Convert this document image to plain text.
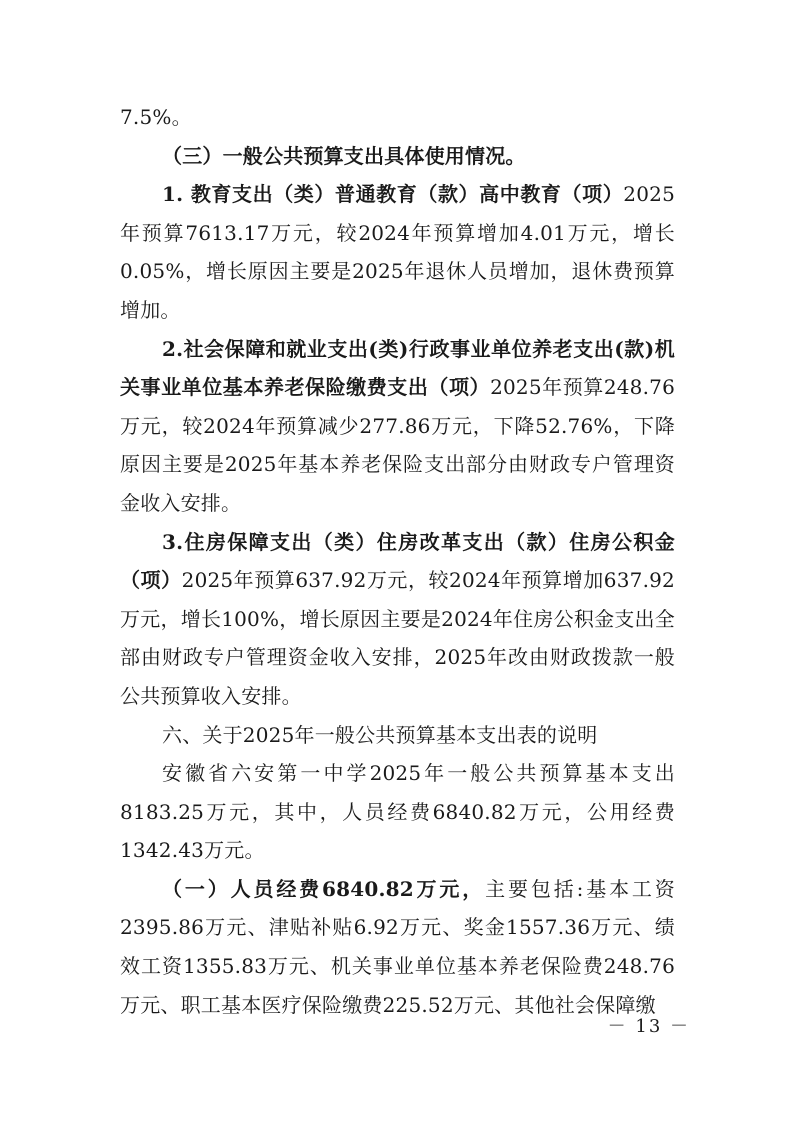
7.5%。

（三）一般公共预算支出具体使用情况。

1. 教育支出（类）普通教育（款）高中教育（项）2025年预算7613.17万元，较2024年预算增加4.01万元，增长0.05%，增长原因主要是2025年退休人员增加，退休费预算增加。

2.社会保障和就业支出(类)行政事业单位养老支出(款)机关事业单位基本养老保险缴费支出（项）2025年预算248.76万元，较2024年预算减少277.86万元，下降52.76%，下降原因主要是2025年基本养老保险支出部分由财政专户管理资金收入安排。

3.住房保障支出（类）住房改革支出（款）住房公积金（项）2025年预算637.92万元，较2024年预算增加637.92万元，增长100%，增长原因主要是2024年住房公积金支出全部由财政专户管理资金收入安排，2025年改由财政拨款一般公共预算收入安排。

六、关于2025年一般公共预算基本支出表的说明

安徽省六安第一中学2025年一般公共预算基本支出8183.25万元，其中，人员经费6840.82万元，公用经费1342.43万元。

（一）人员经费6840.82万元，主要包括:基本工资2395.86万元、津贴补贴6.92万元、奖金1557.36万元、绩效工资1355.83万元、机关事业单位基本养老保险费248.76万元、职工基本医疗保险缴费225.52万元、其他社会保障缴

－ 13 －
